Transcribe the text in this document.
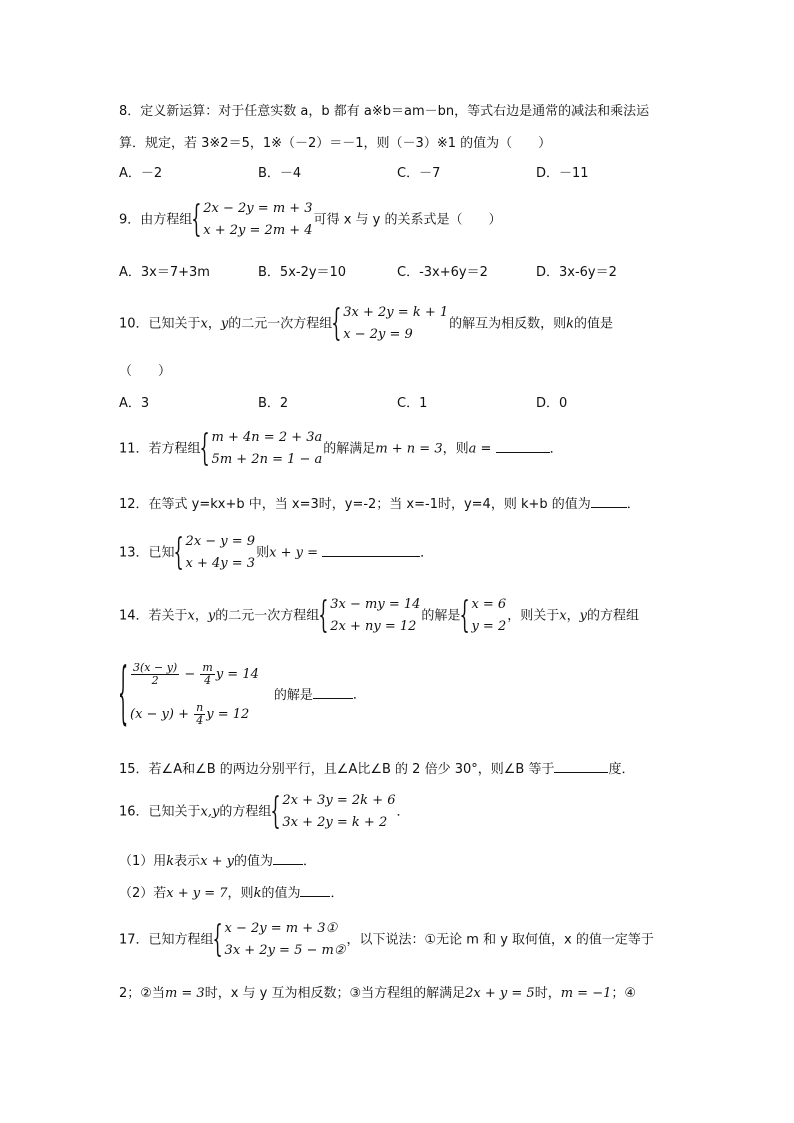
8．定义新运算：对于任意实数 a，b 都有 a※b＝am－bn，等式右边是通常的减法和乘法运
算．规定，若 3※2＝5，1※（－2）＝－1，则（－3）※1 的值为（　　）
A．－2	B．－4	C．－7	D．－11
9．由方程组
{ 2x − 2y = m + 3
x + 2y = 2m + 4
可得 x 与 y 的关系式是（　　）
A．3x＝7+3m	B．5x-2y＝10	C．-3x+6y＝2	D．3x-6y＝2
10．已知关于x，y的二元一次方程组
{ 3x + 2y = k + 1
x − 2y = 9
的解互为相反数，则k的值是
（　　）
A．3	B．2	C．1	D．0
11．若方程组
{ m + 4n = 2 + 3a
5m + 2n = 1 − a
的解满足m + n = 3，则a =	．
12．在等式 y=kx+b 中，当 x=3时，y=-2；当 x=-1时，y=4，则 k+b 的值为	．
13．已知
{ 2x − y = 9
x + 4y = 3
则x + y =	．
14．若关于x，y的二元一次方程组
{ 3x − my = 14
2x + ny = 12
的解是
{ x = 6
y = 2
，则关于x，y的方程组
{ $\frac{3(x - y)}{2} - \frac{m}{4}$ y = 14
$(x - y) + \frac{n}{4}$ y = 12
的解是	．
15．若∠A和∠B 的两边分别平行，且∠A比∠B 的 2 倍少 30°，则∠B 等于	度．
16．已知关于x,y的方程组
{ 2x + 3y = 2k + 6
3x + 2y = k + 2
．
（1）用k表示x + y的值为 ．
（2）若x + y = 7，则k的值为 ．
17．已知方程组
{ x − 2y = m + 3①
3x + 2y = 5 − m②
，以下说法：①无论 m 和 y 取何值，x 的值一定等于
2；②当m = 3时，x 与 y 互为相反数；③当方程组的解满足2x + y = 5时，m = −1；④
